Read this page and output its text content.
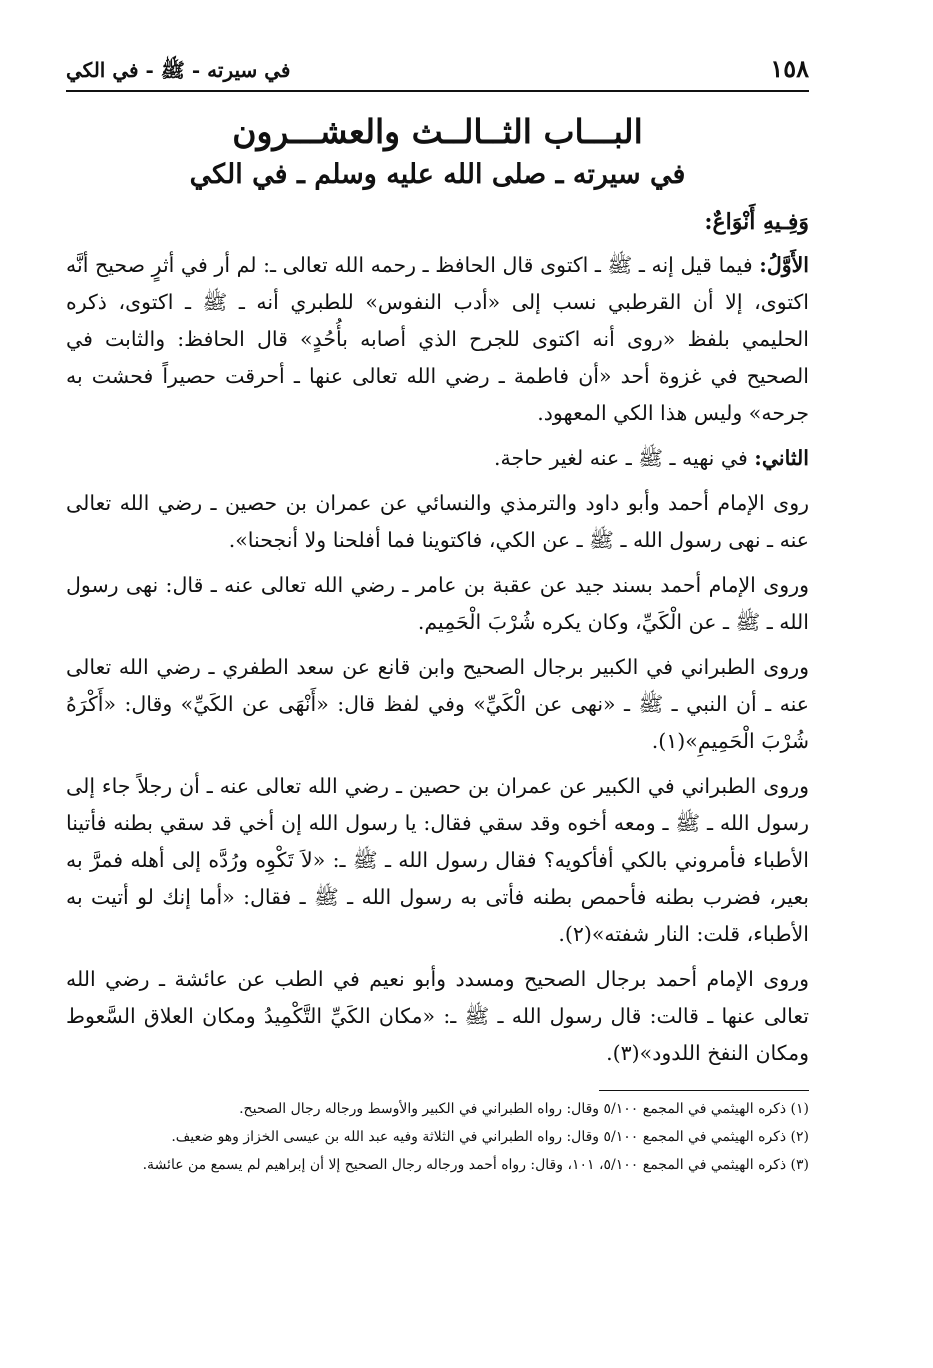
١٥٨
في سيرته - ﷺ - في الكي
البـــاب الثــالــث والعشـــرون
في سيرته ـ صلى الله عليه وسلم ـ في الكي
وَفِـيهِ أَنْوَاعٌ:

الأَوَّلُ: فيما قيل إنه ـ ﷺ ـ اكتوى قال الحافظ ـ رحمه الله تعالى ـ: لم أر في أثرٍ صحيح أنَّه اكتوى، إلا أن القرطبي نسب إلى «أدب النفوس» للطبري أنه ـ ﷺ ـ اكتوى، ذكره الحليمي بلفظ «روى أنه اكتوى للجرح الذي أصابه بأُحُدٍ» قال الحافظ: والثابت في الصحيح في غزوة أحد «أن فاطمة ـ رضي الله تعالى عنها ـ أحرقت حصيراً فحشت به جرحه» وليس هذا الكي المعهود.

الثاني: في نهيه ـ ﷺ ـ عنه لغير حاجة.

روى الإمام أحمد وأبو داود والترمذي والنسائي عن عمران بن حصين ـ رضي الله تعالى عنه ـ نهى رسول الله ـ ﷺ ـ عن الكي، فاكتوينا فما أفلحنا ولا أنجحنا».

وروى الإمام أحمد بسند جيد عن عقبة بن عامر ـ رضي الله تعالى عنه ـ قال: نهى رسول الله ـ ﷺ ـ عن الْكَيِّ، وكان يكره شُرْبَ الْحَمِيم.

وروى الطبراني في الكبير برجال الصحيح وابن قانع عن سعد الطفري ـ رضي الله تعالى عنه ـ أن النبي ـ ﷺ ـ «نهى عن الْكَيِّ» وفي لفظ قال: «أَنْهَى عن الكَيِّ» وقال: «أَكْرَهُ شُرْبَ الْحَمِيمِ»(١).

وروى الطبراني في الكبير عن عمران بن حصين ـ رضي الله تعالى عنه ـ أن رجلاً جاء إلى رسول الله ـ ﷺ ـ ومعه أخوه وقد سقي فقال: يا رسول الله إن أخي قد سقي بطنه فأتينا الأطباء فأمروني بالكي أفأكويه؟ فقال رسول الله ـ ﷺ ـ: «لاَ تَكْوِه ورُدَّه إلى أهله فمرَّ به بعير، فضرب بطنه فأحمص بطنه فأتى به رسول الله ـ ﷺ ـ فقال: «أما إنك لو أتيت به الأطباء، قلت: النار شفته»(٢).

وروى الإمام أحمد برجال الصحيح ومسدد وأبو نعيم في الطب عن عائشة ـ رضي الله تعالى عنها ـ قالت: قال رسول الله ـ ﷺ ـ: «مكان الكَيِّ التَّكْمِيدُ ومكان العلاق السَّعوط ومكان النفخ اللدود»(٣).

(١) ذكره الهيثمي في المجمع ٥/١٠٠ وقال: رواه الطبراني في الكبير والأوسط ورجاله رجال الصحيح.

(٢) ذكره الهيثمي في المجمع ٥/١٠٠ وقال: رواه الطبراني في الثلاثة وفيه عبد الله بن عيسى الخزاز وهو ضعيف.

(٣) ذكره الهيثمي في المجمع ٥/١٠٠، ١٠١، وقال: رواه أحمد ورجاله رجال الصحيح إلا أن إبراهيم لم يسمع من عائشة.
